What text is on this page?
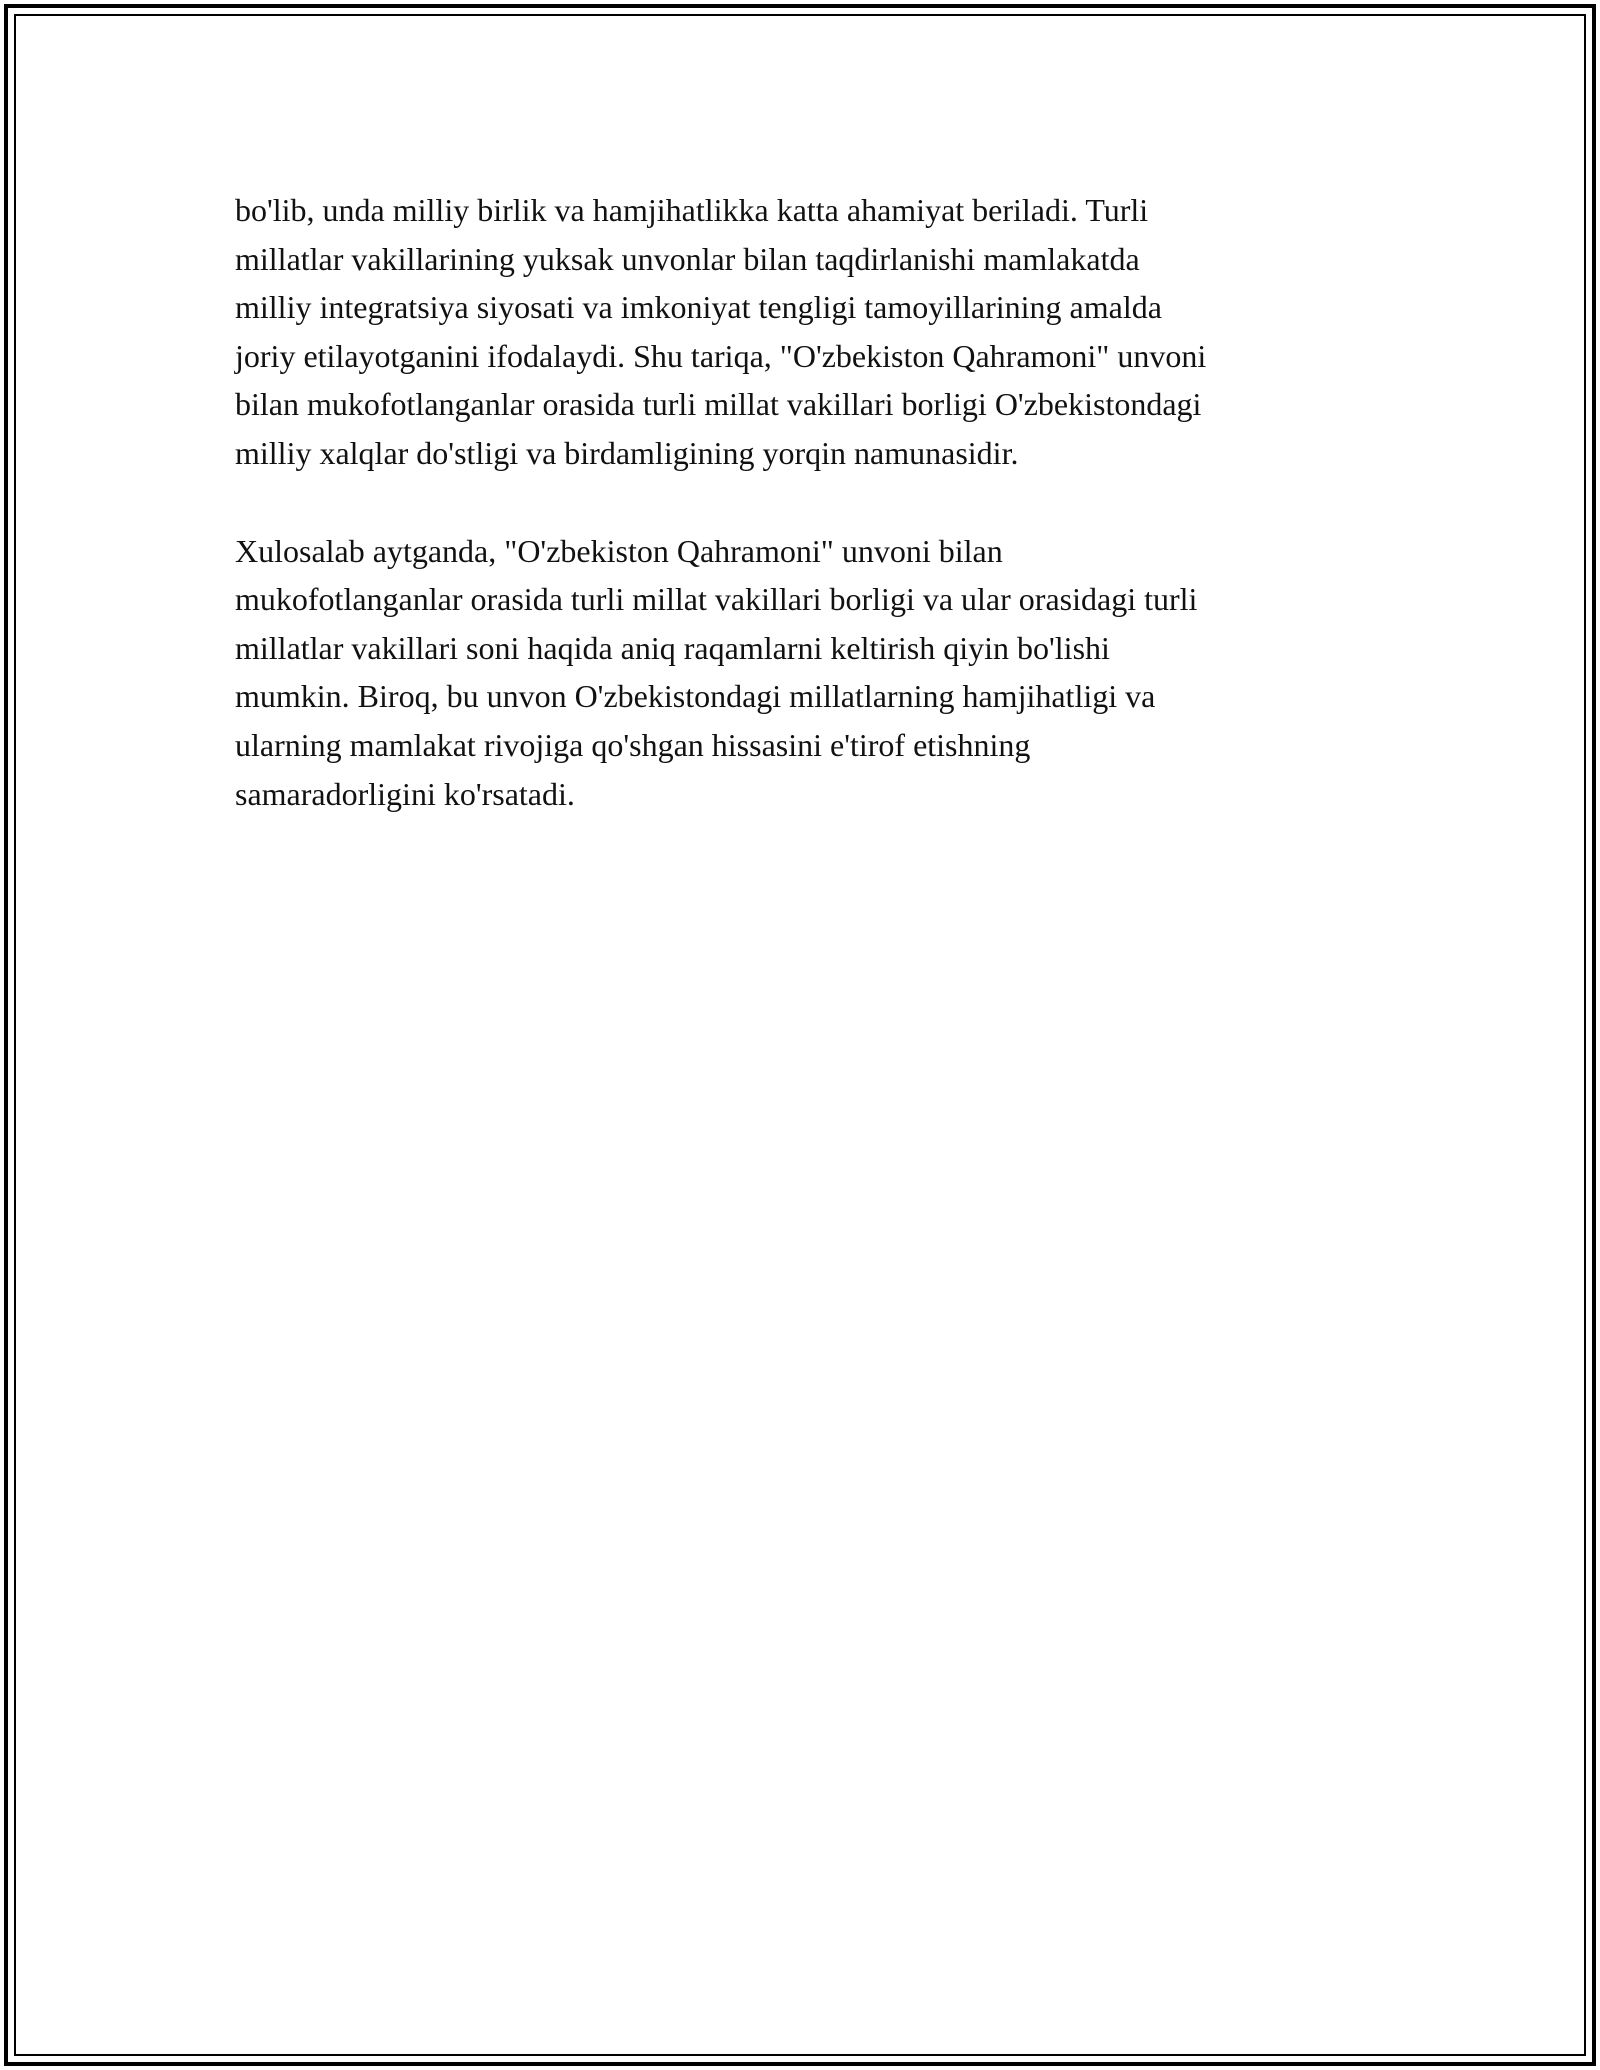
bo'lib, unda milliy birlik va hamjihatlikka katta ahamiyat beriladi. Turli
millatlar vakillarining yuksak unvonlar bilan taqdirlanishi mamlakatda
milliy integratsiya siyosati va imkoniyat tengligi tamoyillarining amalda
joriy etilayotganini ifodalaydi. Shu tariqa, "O'zbekiston Qahramoni" unvoni
bilan mukofotlanganlar orasida turli millat vakillari borligi O'zbekistondagi
milliy xalqlar do'stligi va birdamligining yorqin namunasidir.

Xulosalab aytganda, "O'zbekiston Qahramoni" unvoni bilan
mukofotlanganlar orasida turli millat vakillari borligi va ular orasidagi turli
millatlar vakillari soni haqida aniq raqamlarni keltirish qiyin bo'lishi
mumkin. Biroq, bu unvon O'zbekistondagi millatlarning hamjihatligi va
ularning mamlakat rivojiga qo'shgan hissasini e'tirof etishning
samaradorligini ko'rsatadi.
